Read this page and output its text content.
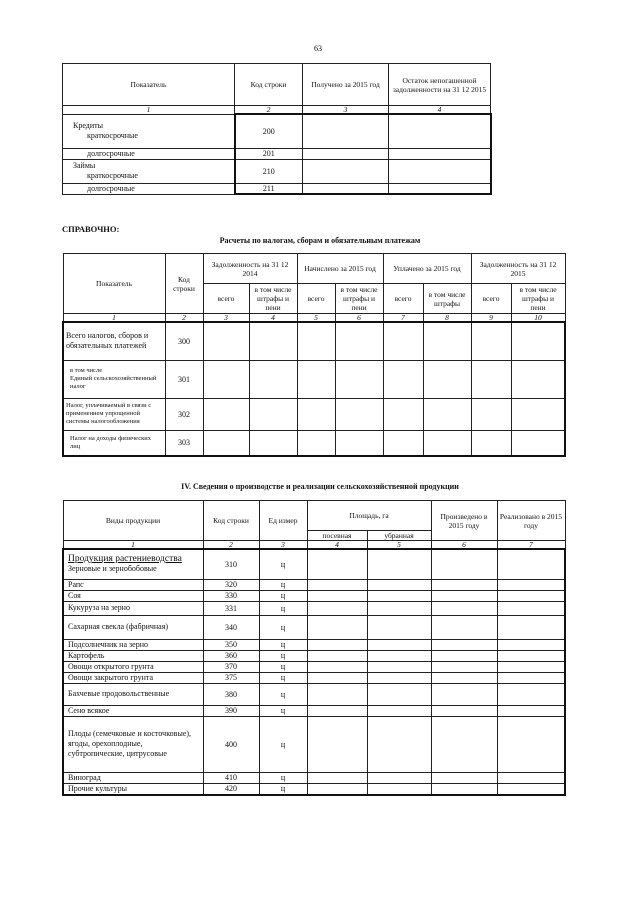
63
Показатель	Код строки	Получено за 2015 год	Остаток непогашенной задолженности на 31 12 2015
1	2	3	4

Кредиты
краткосрочные	200		
долгосрочные	201		

Займы
краткосрочные	210		
долгосрочные	211		
СПРАВОЧНО:
Расчеты по налогам, сборам и обязательным платежам
Показатель	Код строки	Задолженность на 31 12 2014		Начислено за 2015 год		Уплачено за 2015 год		Задолженность на 31 12 2015	
		всего	в том числе штрафы и пени	всего	в том числе штрафы и пени	всего	в том числе штрафы	всего	в том числе штрафы и пени
1	2	3	4	5	6	7	8	9	10
Всего налогов, сборов и обязательных платежей	300								

в том числе
Единый сельскохозяйственный налог	301								
Налог, уплачиваемый в связи с применением упрощенной системы налогообложения	302								
Налог на доходы физических лиц	303								
IV. Сведения о производстве и реализации сельскохозяйственной продукции
Виды продукции	Код строки	Ед измер	Площадь, га		Произведено в 2015 году	Реализовано в 2015 году
			посевная	убранная		
1	2	3	4	5	6	7

Продукция растениеводства
Зерновые и зернобобовые	310	ц				
Рапс	320	ц				
Соя	330	ц				
Кукуруза на зерно	331	ц				
Сахарная свекла (фабричная)	340	ц				
Подсолнечник на зерно	350	ц				
Картофель	360	ц				
Овощи открытого грунта	370	ц				
Овощи закрытого грунта	375	ц				
Бахчевые продовольственные	380	ц				
Сено всякое	390	ц				
Плоды (семечковые и косточковые), ягоды, орехоплодные, субтропические, цитрусовые	400	ц				
Виноград	410	ц				
Прочие культуры	420	ц				
